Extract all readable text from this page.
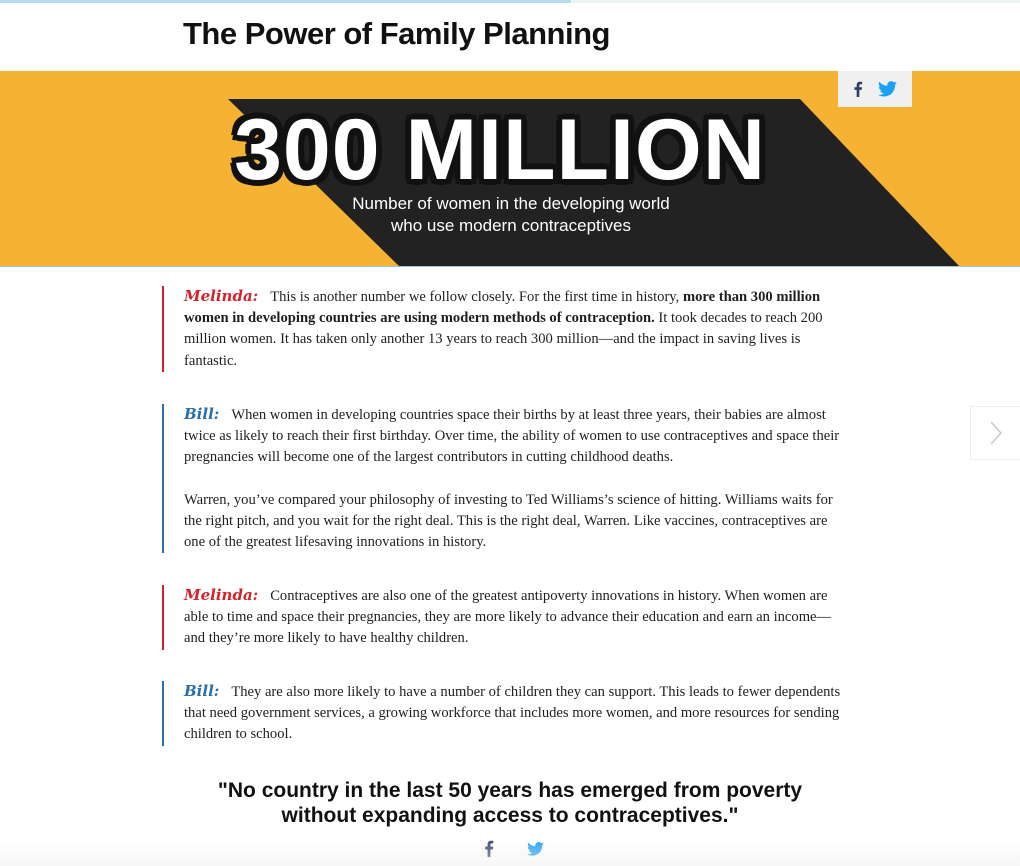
The Power of Family Planning
300 MILLION
Number of women in the developing world
who use modern contraceptives

Melinda: This is another number we follow closely. For the first time in history, more than 300 million women in developing countries are using modern methods of contraception. It took decades to reach 200 million women. It has taken only another 13 years to reach 300 million—and the impact in saving lives is fantastic.

Bill: When women in developing countries space their births by at least three years, their babies are almost twice as likely to reach their first birthday. Over time, the ability of women to use contraceptives and space their pregnancies will become one of the largest contributors in cutting childhood deaths.

Warren, you’ve compared your philosophy of investing to Ted Williams’s science of hitting. Williams waits for the right pitch, and you wait for the right deal. This is the right deal, Warren. Like vaccines, contraceptives are one of the greatest lifesaving innovations in history.

Melinda: Contraceptives are also one of the greatest antipoverty innovations in history. When women are able to time and space their pregnancies, they are more likely to advance their education and earn an income—and they’re more likely to have healthy children.

Bill: They are also more likely to have a number of children they can support. This leads to fewer dependents that need government services, a growing workforce that includes more women, and more resources for sending children to school.

"No country in the last 50 years has emerged from poverty
without expanding access to contraceptives."
